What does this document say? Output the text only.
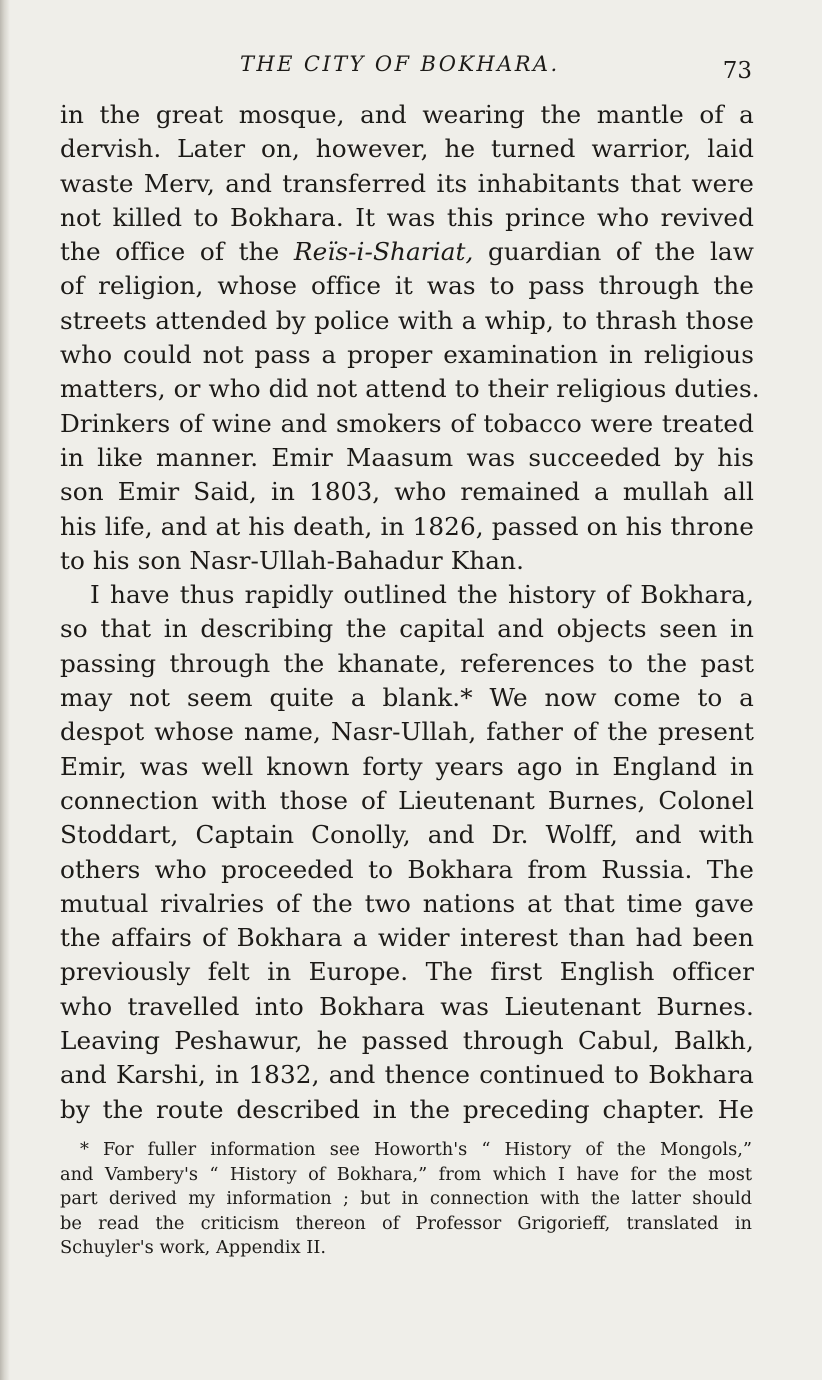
THE CITY OF BOKHARA.	73
in the great mosque, and wearing the mantle of a
dervish. Later on, however, he turned warrior, laid
waste Merv, and transferred its inhabitants that were
not killed to Bokhara. It was this prince who revived
the office of the Reïs-i-Shariat, guardian of the law
of religion, whose office it was to pass through the
streets attended by police with a whip, to thrash those
who could not pass a proper examination in religious
matters, or who did not attend to their religious duties.
Drinkers of wine and smokers of tobacco were treated
in like manner. Emir Maasum was succeeded by his
son Emir Said, in 1803, who remained a mullah all
his life, and at his death, in 1826, passed on his throne
to his son Nasr-Ullah-Bahadur Khan.
I have thus rapidly outlined the history of Bokhara,
so that in describing the capital and objects seen in
passing through the khanate, references to the past
may not seem quite a blank.* We now come to a
despot whose name, Nasr-Ullah, father of the present
Emir, was well known forty years ago in England in
connection with those of Lieutenant Burnes, Colonel
Stoddart, Captain Conolly, and Dr. Wolff, and with
others who proceeded to Bokhara from Russia. The
mutual rivalries of the two nations at that time gave
the affairs of Bokhara a wider interest than had been
previously felt in Europe. The first English officer
who travelled into Bokhara was Lieutenant Burnes.
Leaving Peshawur, he passed through Cabul, Balkh,
and Karshi, in 1832, and thence continued to Bokhara
by the route described in the preceding chapter. He
* For fuller information see Howorth's “ History of the Mongols,”
and Vambery's “ History of Bokhara,” from which I have for the most
part derived my information ; but in connection with the latter should
be read the criticism thereon of Professor Grigorieff, translated in
Schuyler's work, Appendix II.
